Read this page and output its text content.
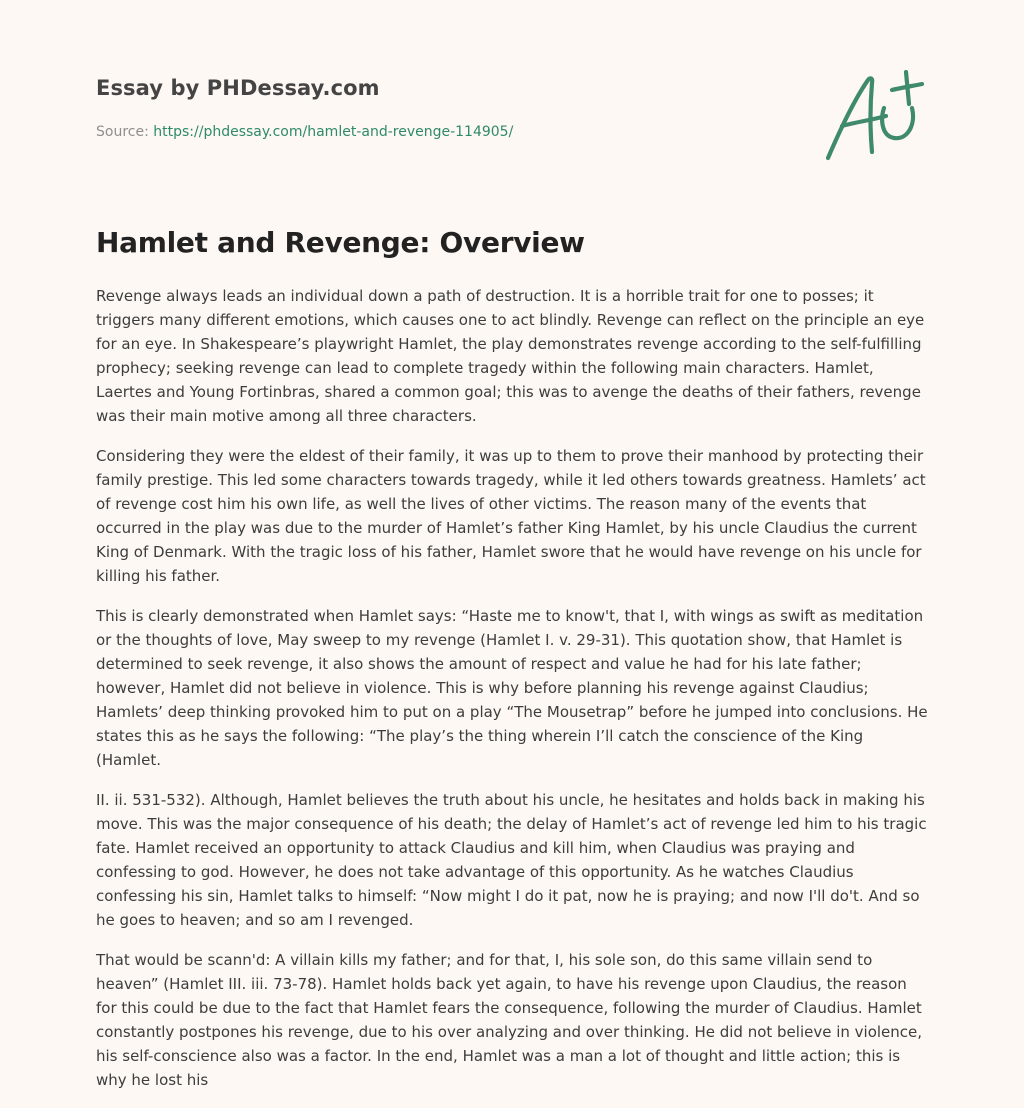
Essay by PHDessay.com

Source: https://phdessay.com/hamlet-and-revenge-114905/

Hamlet and Revenge: Overview

Revenge always leads an individual down a path of destruction. It is a horrible trait for one to posses; it triggers many different emotions, which causes one to act blindly. Revenge can reflect on the principle an eye for an eye. In Shakespeare’s playwright Hamlet, the play demonstrates revenge according to the self-fulfilling prophecy; seeking revenge can lead to complete tragedy within the following main characters. Hamlet, Laertes and Young Fortinbras, shared a common goal; this was to avenge the deaths of their fathers, revenge was their main motive among all three characters.

Considering they were the eldest of their family, it was up to them to prove their manhood by protecting their family prestige. This led some characters towards tragedy, while it led others towards greatness. Hamlets’ act of revenge cost him his own life, as well the lives of other victims. The reason many of the events that occurred in the play was due to the murder of Hamlet’s father King Hamlet, by his uncle Claudius the current King of Denmark. With the tragic loss of his father, Hamlet swore that he would have revenge on his uncle for killing his father.

This is clearly demonstrated when Hamlet says: “Haste me to know't, that I, with wings as swift as meditation or the thoughts of love, May sweep to my revenge (Hamlet I. v. 29-31). This quotation show, that Hamlet is determined to seek revenge, it also shows the amount of respect and value he had for his late father; however, Hamlet did not believe in violence. This is why before planning his revenge against Claudius; Hamlets’ deep thinking provoked him to put on a play “The Mousetrap” before he jumped into conclusions. He states this as he says the following: “The play’s the thing wherein I’ll catch the conscience of the King (Hamlet.

II. ii. 531-532). Although, Hamlet believes the truth about his uncle, he hesitates and holds back in making his move. This was the major consequence of his death; the delay of Hamlet’s act of revenge led him to his tragic fate. Hamlet received an opportunity to attack Claudius and kill him, when Claudius was praying and confessing to god. However, he does not take advantage of this opportunity. As he watches Claudius confessing his sin, Hamlet talks to himself: “Now might I do it pat, now he is praying; and now I'll do't. And so he goes to heaven; and so am I revenged.

That would be scann'd: A villain kills my father; and for that, I, his sole son, do this same villain send to heaven” (Hamlet III. iii. 73-78). Hamlet holds back yet again, to have his revenge upon Claudius, the reason for this could be due to the fact that Hamlet fears the consequence, following the murder of Claudius. Hamlet constantly postpones his revenge, due to his over analyzing and over thinking. He did not believe in violence, his self-conscience also was a factor. In the end, Hamlet was a man a lot of thought and little action; this is why he lost his
